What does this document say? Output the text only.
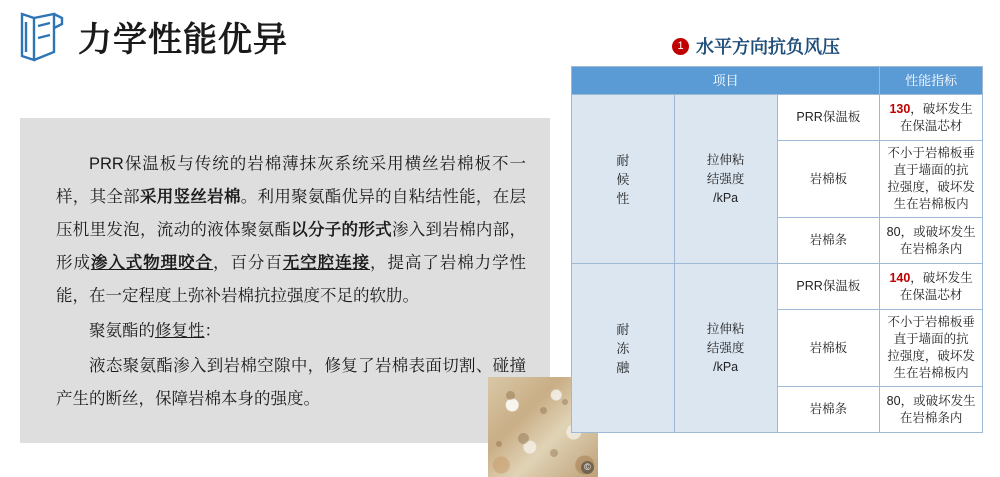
力学性能优异

PRR保温板与传统的岩棉薄抹灰系统采用横丝岩棉板不一样，其全部采用竖丝岩棉。利用聚氨酯优异的自粘结性能，在层压机里发泡，流动的液体聚氨酯以分子的形式渗入到岩棉内部，形成渗入式物理咬合，百分百无空腔连接，提高了岩棉力学性能，在一定程度上弥补岩棉抗拉强度不足的软肋。

聚氨酯的修复性：

液态聚氨酯渗入到岩棉空隙中，修复了岩棉表面切割、碰撞产生的断丝，保障岩棉本身的强度。

©
1 水平方向抗负风压
项目			性能指标

耐
候
性	拉伸粘
结强度
/kPa	PRR保温板	130，破坏发生在保温芯材
		岩棉板	不小于岩棉板垂直于墙面的抗
拉强度，破坏发生在岩棉板内
		岩棉条	80，或破坏发生在岩棉条内

耐
冻
融	拉伸粘
结强度
/kPa	PRR保温板	140，破坏发生在保温芯材
		岩棉板	不小于岩棉板垂直于墙面的抗
拉强度，破坏发生在岩棉板内
		岩棉条	80，或破坏发生在岩棉条内
